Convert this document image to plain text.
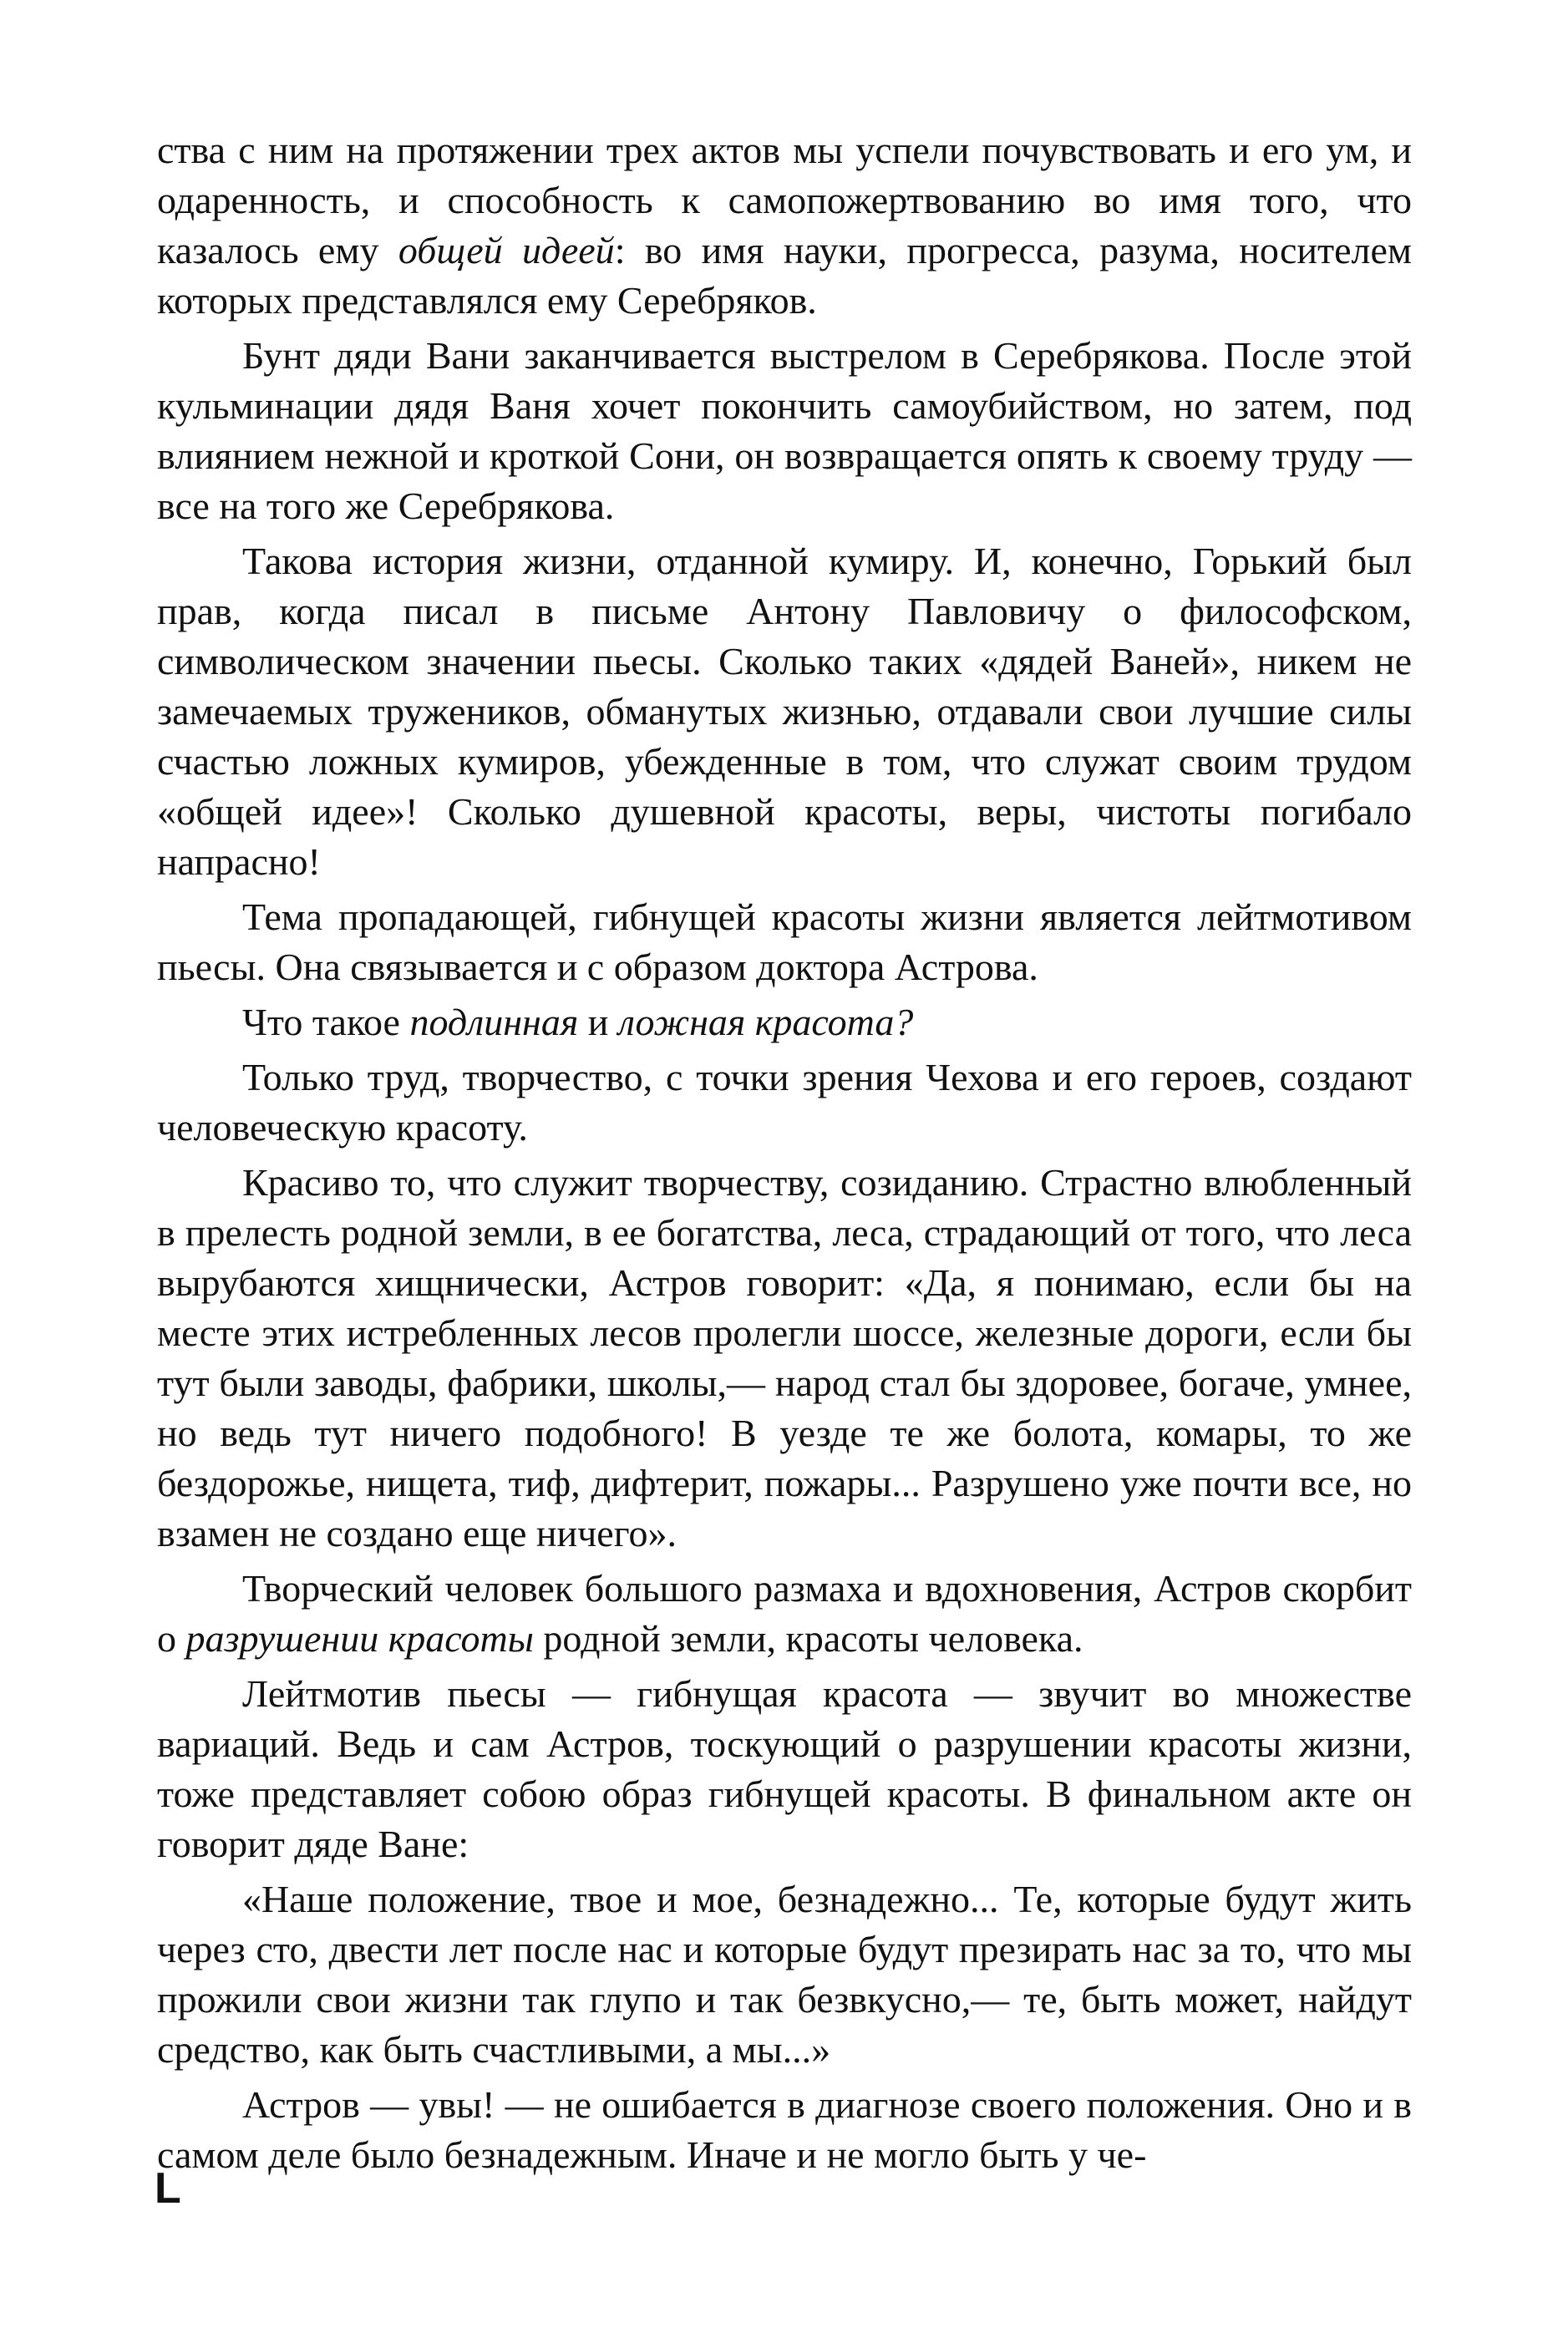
ства с ним на протяжении трех актов мы успели почувствовать и его ум, и одаренность, и способность к самопожертвованию во имя того, что казалось ему общей идеей: во имя науки, прогресса, разума, носителем которых представлялся ему Серебряков.

Бунт дяди Вани заканчивается выстрелом в Серебрякова. После этой кульминации дядя Ваня хочет покончить самоубийством, но затем, под влиянием нежной и кроткой Сони, он возвращается опять к своему труду — все на того же Серебрякова.

Такова история жизни, отданной кумиру. И, конечно, Горький был прав, когда писал в письме Антону Павловичу о философском, символическом значении пьесы. Сколько таких «дядей Ваней», никем не замечаемых тружеников, обманутых жизнью, отдавали свои лучшие силы счастью ложных кумиров, убежденные в том, что служат своим трудом «общей идее»! Сколько душевной красоты, веры, чистоты погибало напрасно!

Тема пропадающей, гибнущей красоты жизни является лейтмотивом пьесы. Она связывается и с образом доктора Астрова.

Что такое подлинная и ложная красота?

Только труд, творчество, с точки зрения Чехова и его героев, создают человеческую красоту.

Красиво то, что служит творчеству, созиданию. Страстно влюбленный в прелесть родной земли, в ее богатства, леса, страдающий от того, что леса вырубаются хищнически, Астров говорит: «Да, я понимаю, если бы на месте этих истребленных лесов пролегли шоссе, железные дороги, если бы тут были заводы, фабрики, школы,— народ стал бы здоровее, богаче, умнее, но ведь тут ничего подобного! В уезде те же болота, комары, то же бездорожье, нищета, тиф, дифтерит, пожары... Разрушено уже почти все, но взамен не создано еще ничего».

Творческий человек большого размаха и вдохновения, Астров скорбит о разрушении красоты родной земли, красоты человека.

Лейтмотив пьесы — гибнущая красота — звучит во множестве вариаций. Ведь и сам Астров, тоскующий о разрушении красоты жизни, тоже представляет собою образ гибнущей красоты. В финальном акте он говорит дяде Ване:

«Наше положение, твое и мое, безнадежно... Те, которые будут жить через сто, двести лет после нас и которые будут презирать нас за то, что мы прожили свои жизни так глупо и так безвкусно,— те, быть может, найдут средство, как быть счастливыми, а мы...»

Астров — увы! — не ошибается в диагнозе своего положения. Оно и в самом деле было безнадежным. Иначе и не могло быть у че-

L
